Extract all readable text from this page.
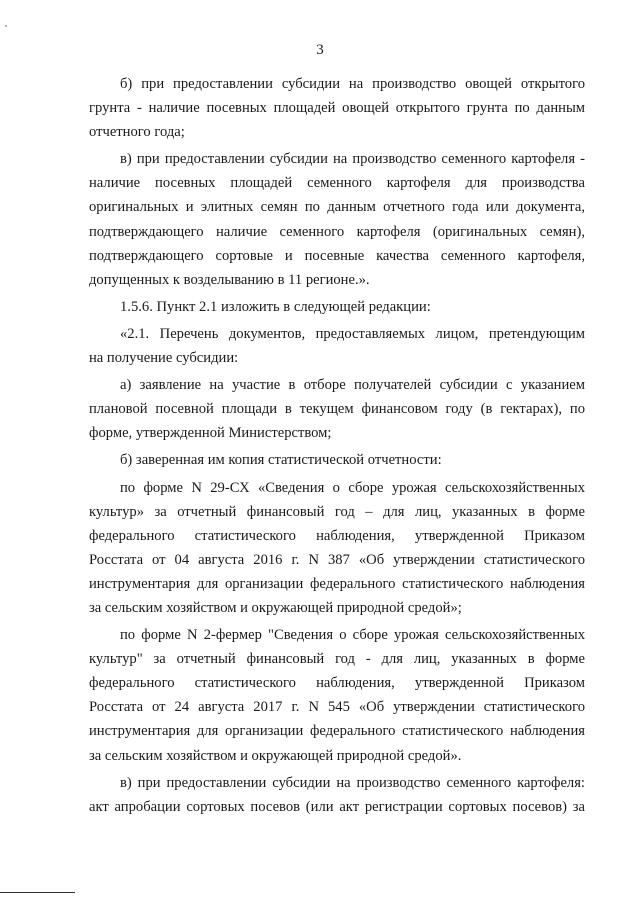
3
б) при предоставлении субсидии на производство овощей открытого
грунта - наличие посевных площадей овощей открытого грунта по данным
отчетного года;
в) при предоставлении субсидии на производство семенного картофеля -
наличие посевных площадей семенного картофеля для производства
оригинальных и элитных семян по данным отчетного года или документа,
подтверждающего наличие семенного картофеля (оригинальных семян),
подтверждающего сортовые и посевные качества семенного картофеля,
допущенных к возделыванию в 11 регионе.».
1.5.6. Пункт 2.1 изложить в следующей редакции:
«2.1. Перечень документов, предоставляемых лицом, претендующим
на получение субсидии:
а) заявление на участие в отборе получателей субсидии с указанием
плановой посевной площади в текущем финансовом году (в гектарах), по
форме, утвержденной Министерством;
б) заверенная им копия статистической отчетности:
по форме N 29-СХ «Сведения о сборе урожая сельскохозяйственных
культур» за отчетный финансовый год – для лиц, указанных в форме
федерального статистического наблюдения, утвержденной Приказом
Росстата от 04 августа 2016 г. N 387 «Об утверждении статистического
инструментария для организации федерального статистического наблюдения
за сельским хозяйством и окружающей природной средой»;
по форме N 2-фермер "Сведения о сборе урожая сельскохозяйственных
культур" за отчетный финансовый год - для лиц, указанных в форме
федерального статистического наблюдения, утвержденной Приказом
Росстата от 24 августа 2017 г. N 545 «Об утверждении статистического
инструментария для организации федерального статистического наблюдения
за сельским хозяйством и окружающей природной средой».
в) при предоставлении субсидии на производство семенного картофеля:
акт апробации сортовых посевов (или акт регистрации сортовых посевов) за
